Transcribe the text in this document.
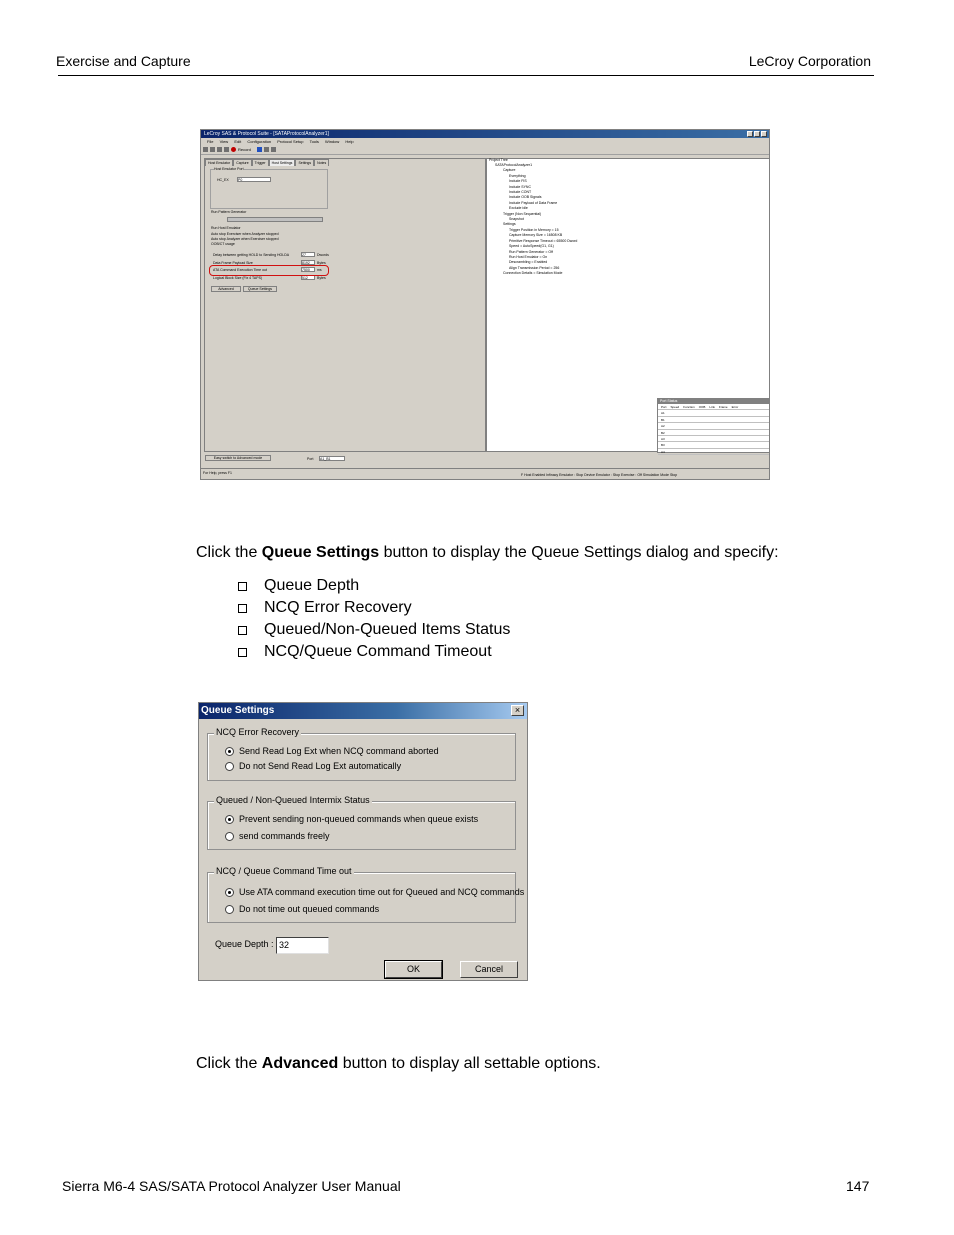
Exercise and Capture	LeCroy Corporation
LeCroy SAS & Protocol Suite - [SATAProtocolAnalyzer1]
File View Edit Configuration Protocol Setup Tools Window Help
Record
Host Emulator	Capture	Trigger	Host Settings	Settings	Notes
Host Emulator Port
HC_EX	P0
Run Pattern Generator
Run Host Emulator
Auto stop Exerciser when Analyzer stopped
Auto stop Analyzer when Exerciser stopped
OOB/CT usage
Delay between getting HOLD to Sending HOLDA	27	Dwords
Data Frame Payload Size	8192	Bytes
ATA Command Execution Time out	7500	ms
Logical Block Size (Fix 4 TAPS)	512	Bytes
Advanced	Queue Settings
Project Tree
SATAProtocolAnalyzer1
Capture
Everything
Include FIS
Include SYNC
Include CONT
Include OOB Signals
Include Payload of Data Frame
Exclude idle
Trigger (Non Sequential)
Snapshot
Settings
Trigger Position in Memory = 15
Capture Memory Size = 16508 KB
Primitive Response Timeout = 65500 Dword
Speed = AutoSpeed(G1, G1)
Run Pattern Generator = Off
Run Host Emulator = On
Descrambling = Enabled
Align Transmission Period = 256
Connection Details = Simulation Mode
Port Status
Port Speed Function OOB Link Frame Error
A1
B1
A2
B2
A3
B3
A4
Easy switch to Advanced mode	Port A1_B1
For Help, press F1	F Host Enabled Infinacy Emulator : Stop Device Emulator : Stop Exercise : Off Simulation Mode Stop
Click the Queue Settings button to display the Queue Settings dialog and specify:
Queue Depth
NCQ Error Recovery
Queued/Non-Queued Items Status
NCQ/Queue Command Timeout
Queue Settings	×
NCQ Error Recovery
Send Read Log Ext when NCQ command aborted
Do not Send Read Log Ext automatically
Queued / Non-Queued Intermix Status
Prevent sending non-queued commands when queue exists
send commands freely
NCQ / Queue Command Time out
Use ATA command execution time out for Queued and NCQ commands
Do not time out queued commands
Queue Depth : 32
OK	Cancel
Click the Advanced button to display all settable options.
Sierra M6-4 SAS/SATA Protocol Analyzer User Manual	147
